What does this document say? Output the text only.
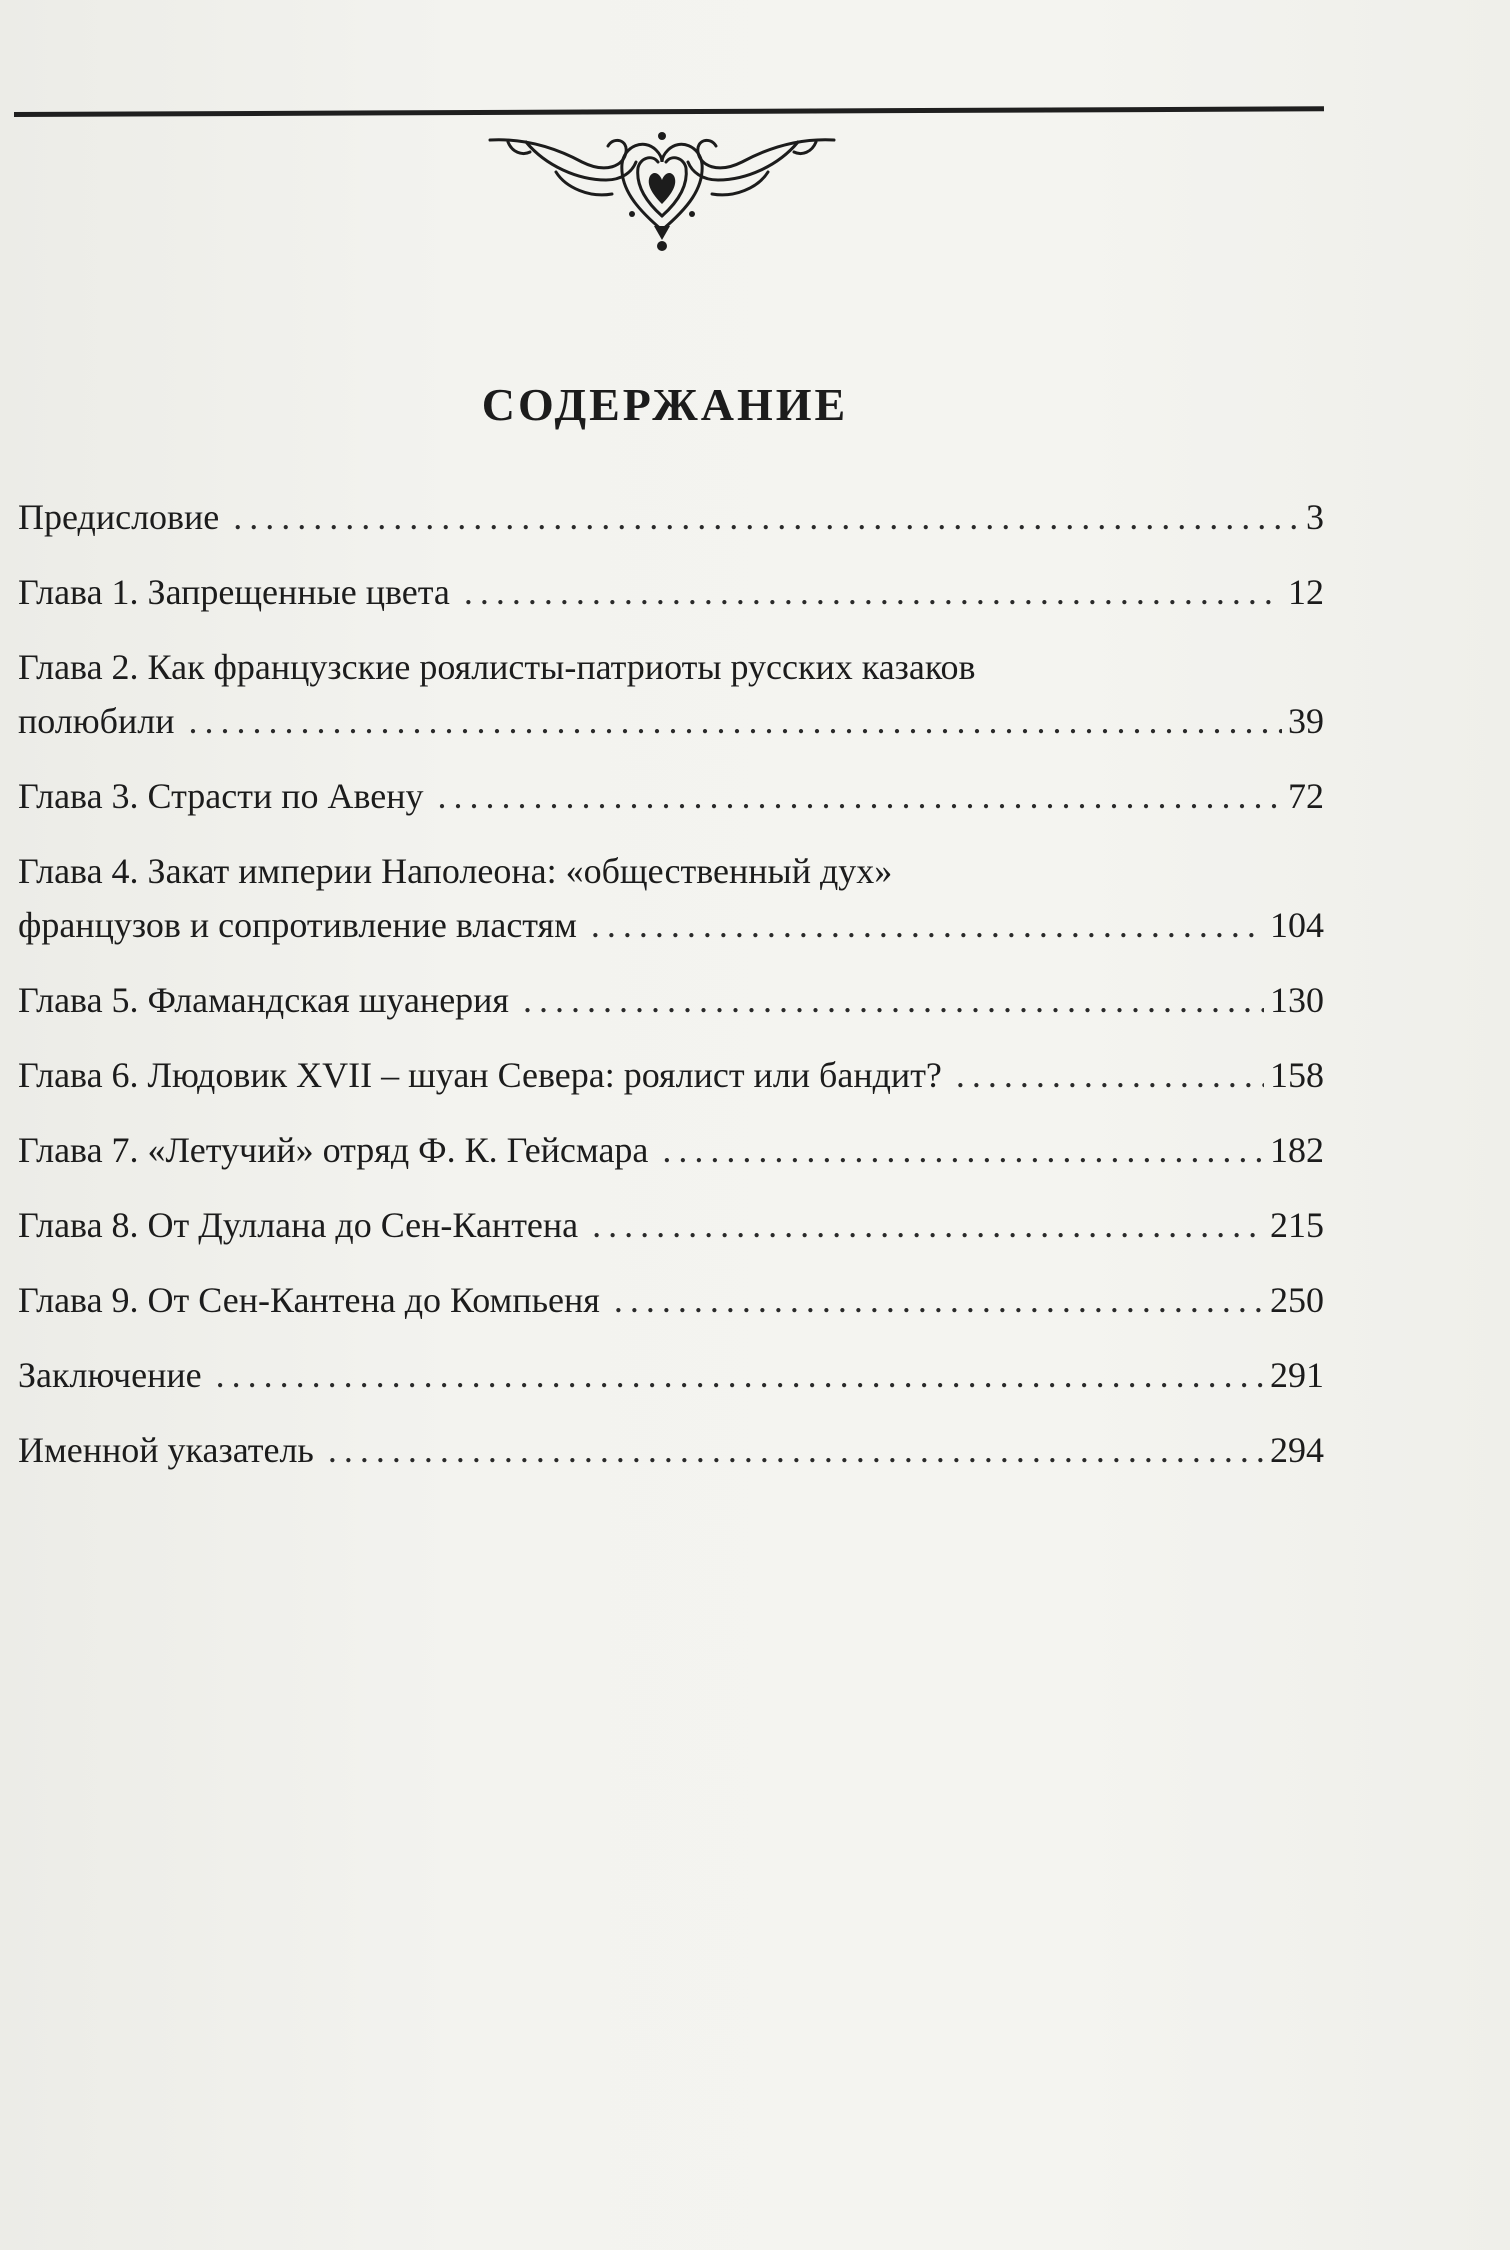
СОДЕРЖАНИЕ
Предисловие . . .	3
Глава 1. Запрещенные цвета . . .	12
Глава 2. Как французские роялисты-патриоты русских казаков
полюбили . . .	39
Глава 3. Страсти по Авену . . .	72
Глава 4. Закат империи Наполеона: «общественный дух»
французов и сопротивление властям . . .	104
Глава 5. Фламандская шуанерия . . .	130
Глава 6. Людовик XVII – шуан Севера: роялист или бандит? . . .	158
Глава 7. «Летучий» отряд Ф. К. Гейсмара . . .	182
Глава 8. От Дуллана до Сен-Кантена . . .	215
Глава 9. От Сен-Кантена до Компьеня . . .	250
Заключение . . .	291
Именной указатель . . .	294
